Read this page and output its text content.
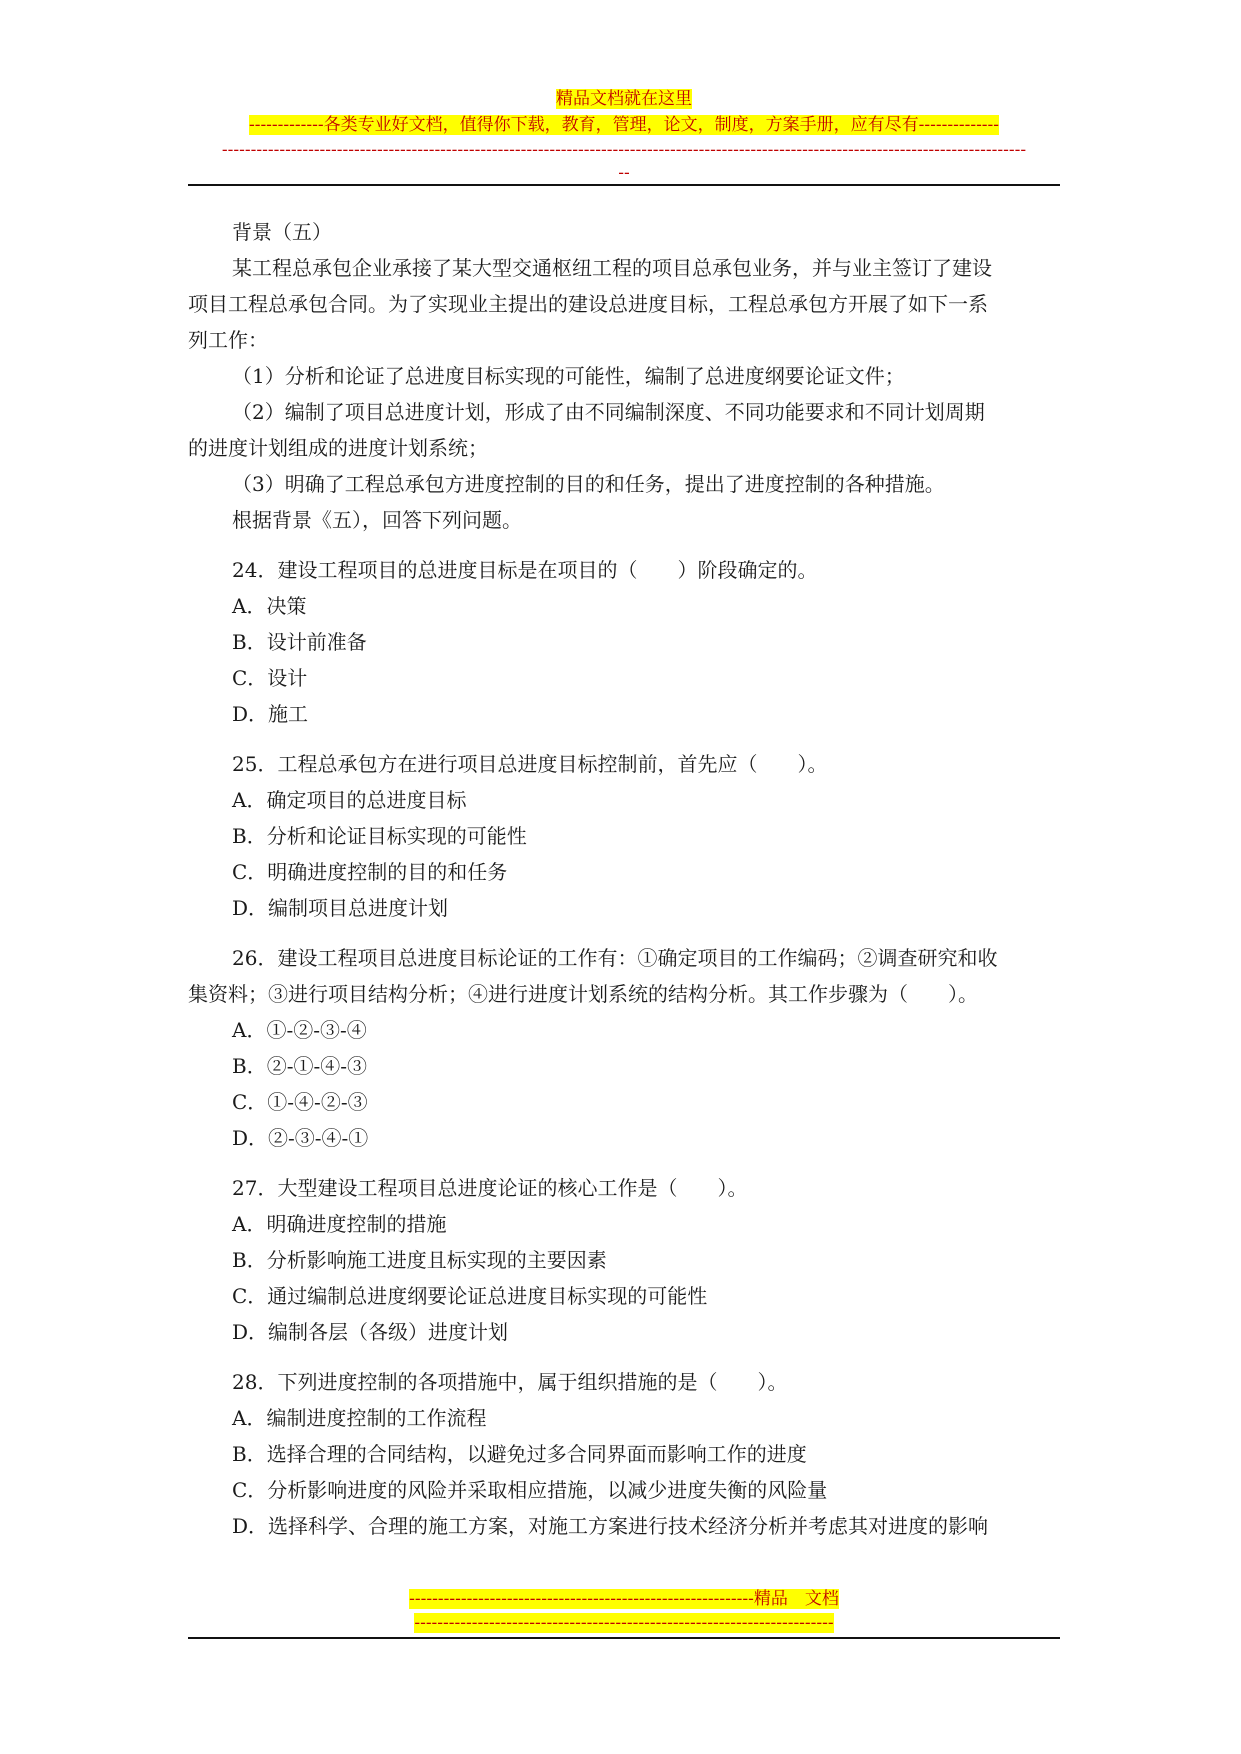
精品文档就在这里
-------------各类专业好文档，值得你下载，教育，管理，论文，制度，方案手册，应有尽有--------------
--------------------------------------------------------------------------------------------------------------------------------------------
--
背景（五）
某工程总承包企业承接了某大型交通枢纽工程的项目总承包业务，并与业主签订了建设
项目工程总承包合同。为了实现业主提出的建设总进度目标，工程总承包方开展了如下一系
列工作：
（1）分析和论证了总进度目标实现的可能性，编制了总进度纲要论证文件；
（2）编制了项目总进度计划，形成了由不同编制深度、不同功能要求和不同计划周期
的进度计划组成的进度计划系统；
（3）明确了工程总承包方进度控制的目的和任务，提出了进度控制的各种措施。
根据背景《五），回答下列问题。
24．建设工程项目的总进度目标是在项目的（　　）阶段确定的。
A．决策
B．设计前准备
C．设计
D．施工
25．工程总承包方在进行项目总进度目标控制前，首先应（　　）。
A．确定项目的总进度目标
B．分析和论证目标实现的可能性
C．明确进度控制的目的和任务
D．编制项目总进度计划
26．建设工程项目总进度目标论证的工作有：①确定项目的工作编码；②调查研究和收
集资料；③进行项目结构分析；④进行进度计划系统的结构分析。其工作步骤为（　　）。
A．①-②-③-④
B．②-①-④-③
C．①-④-②-③
D．②-③-④-①
27．大型建设工程项目总进度论证的核心工作是（　　）。
A．明确进度控制的措施
B．分析影响施工进度且标实现的主要因素
C．通过编制总进度纲要论证总进度目标实现的可能性
D．编制各层（各级）进度计划
28．下列进度控制的各项措施中，属于组织措施的是（　　）。
A．编制进度控制的工作流程
B．选择合理的合同结构，以避免过多合同界面而影响工作的进度
C．分析影响进度的风险并采取相应措施，以减少进度失衡的风险量
D．选择科学、合理的施工方案，对施工方案进行技术经济分析并考虑其对进度的影响
------------------------------------------------------------精品　文档
-------------------------------------------------------------------------
